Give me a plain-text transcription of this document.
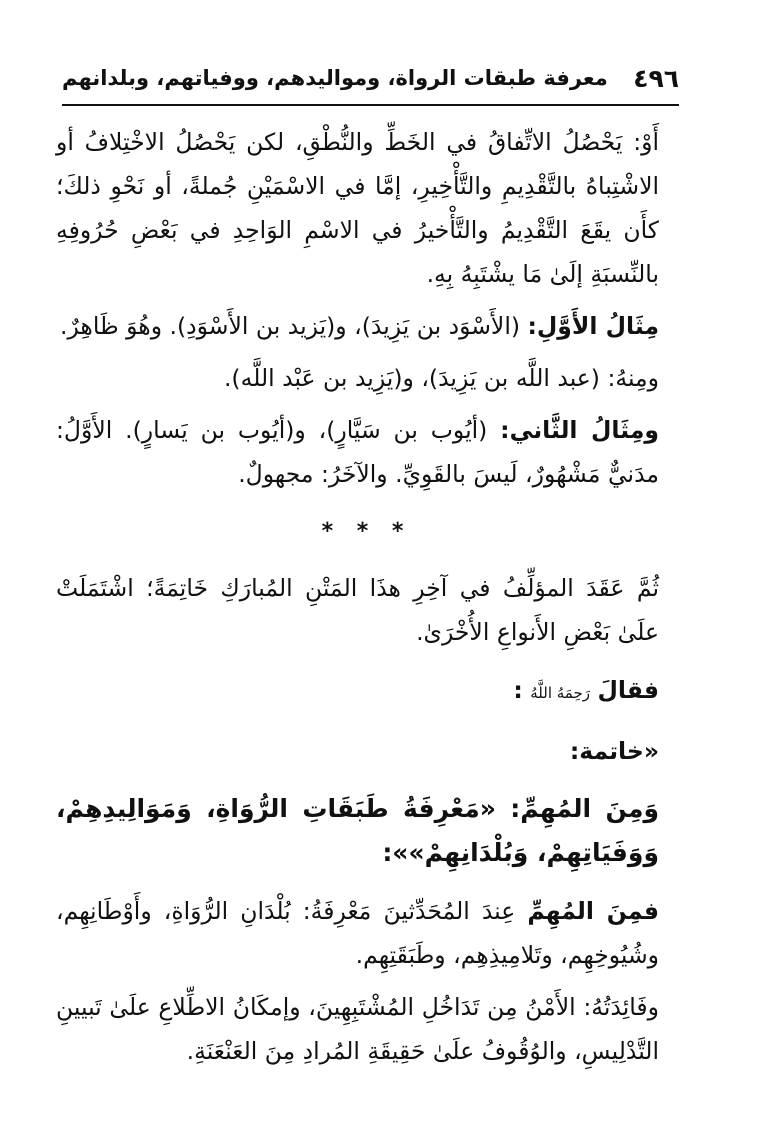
٤٩٦
معرفة طبقات الرواة، ومواليدهم، ووفياتهم، وبلدانهم

أَوْ: يَحْصُلُ الاتِّفاقُ في الخَطِّ والنُّطْقِ، لكن يَحْصُلُ الاخْتِلافُ أو الاشْتِباهُ بالتَّقْدِيمِ والتَّأْخِيرِ، إمَّا في الاسْمَيْنِ جُملةً، أو نَحْوِ ذلكَ؛ كأَن يقَعَ التَّقْدِيمُ والتَّأْخيرُ في الاسْمِ الوَاحِدِ في بَعْضِ حُرُوفِهِ بالنِّسبَةِ إلَىٰ مَا يشْتَبِهُ بِهِ.

مِثَالُ الأَوَّلِ: (الأَسْوَد بن يَزِيدَ)، و(يَزيد بن الأَسْوَدِ). وهُوَ ظَاهِرٌ.

ومِنهُ: (عبد اللَّه بن يَزِيدَ)، و(يَزِيد بن عَبْد اللَّه).

ومِثَالُ الثَّاني: (أيُوب بن سَيَّارٍ)، و(أيُوب بن يَسارٍ). الأَوَّلُ: مدَنيٌّ مَشْهُورٌ، لَيسَ بالقَوِيِّ. والآخَرُ: مجهولٌ.

* * *

ثُمَّ عَقَدَ المؤلِّفُ في آخِرِ هذَا المَتْنِ المُبارَكِ خَاتِمَةً؛ اشْتَمَلَتْ علَىٰ بَعْضِ الأَنواعِ الأُخْرَىٰ.

فقالَ رَحِمَهُ اللَّهُ :

«خاتمة:

وَمِنَ المُهِمِّ: «مَعْرِفَةُ طَبَقَاتِ الرُّوَاةِ، وَمَوَالِيدِهِمْ، وَوَفَيَاتِهِمْ، وَبُلْدَانِهِمْ»»:

فمِنَ المُهِمِّ عِندَ المُحَدِّثينَ مَعْرِفَةُ: بُلْدَانِ الرُّوَاةِ، وأَوْطَانِهِم، وشُيُوخِهِم، وتَلامِيذِهِم، وطَبَقَتِهِم.

وفَائِدَتُهُ: الأَمْنُ مِن تَدَاخُلِ المُشْتَبِهِينَ، وإمكَانُ الاطِّلاعِ علَىٰ تَبيينِ التَّدْلِيسِ، والوُقُوفُ علَىٰ حَقِيقَةِ المُرادِ مِنَ العَنْعَنَةِ.
